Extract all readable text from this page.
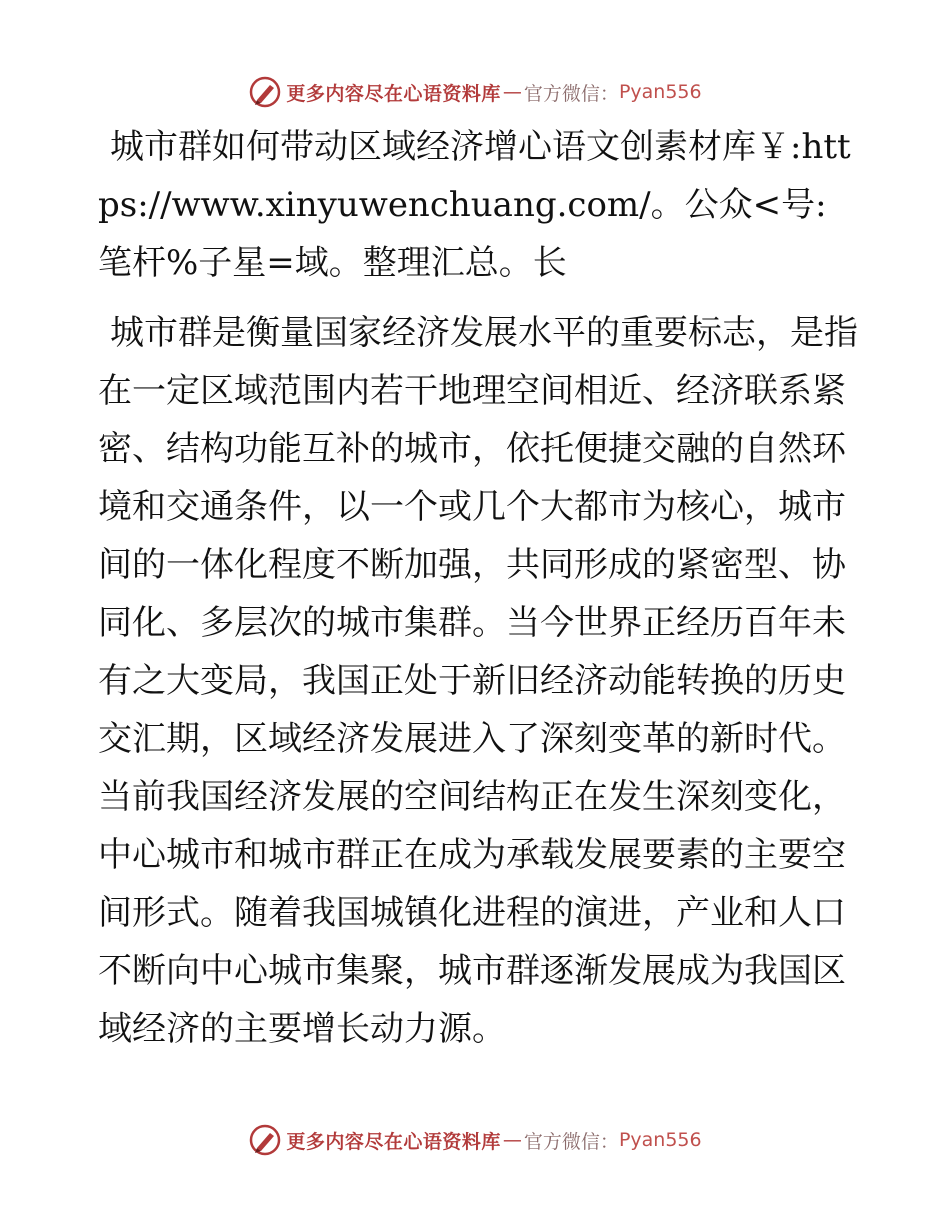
更多内容尽在心语资料库 — 官方微信： Pyan556

城市群如何带动区域经济增心语文创素材库￥:https://www.xinyuwenchuang.com/。公众<号:笔杆%子星=域。整理汇总。长

城市群是衡量国家经济发展水平的重要标志，是指在一定区域范围内若干地理空间相近、经济联系紧密、结构功能互补的城市，依托便捷交融的自然环境和交通条件，以一个或几个大都市为核心，城市间的一体化程度不断加强，共同形成的紧密型、协同化、多层次的城市集群。当今世界正经历百年未有之大变局，我国正处于新旧经济动能转换的历史交汇期，区域经济发展进入了深刻变革的新时代。当前我国经济发展的空间结构正在发生深刻变化，中心城市和城市群正在成为承载发展要素的主要空间形式。随着我国城镇化进程的演进，产业和人口不断向中心城市集聚，城市群逐渐发展成为我国区域经济的主要增长动力源。

更多内容尽在心语资料库 — 官方微信： Pyan556
